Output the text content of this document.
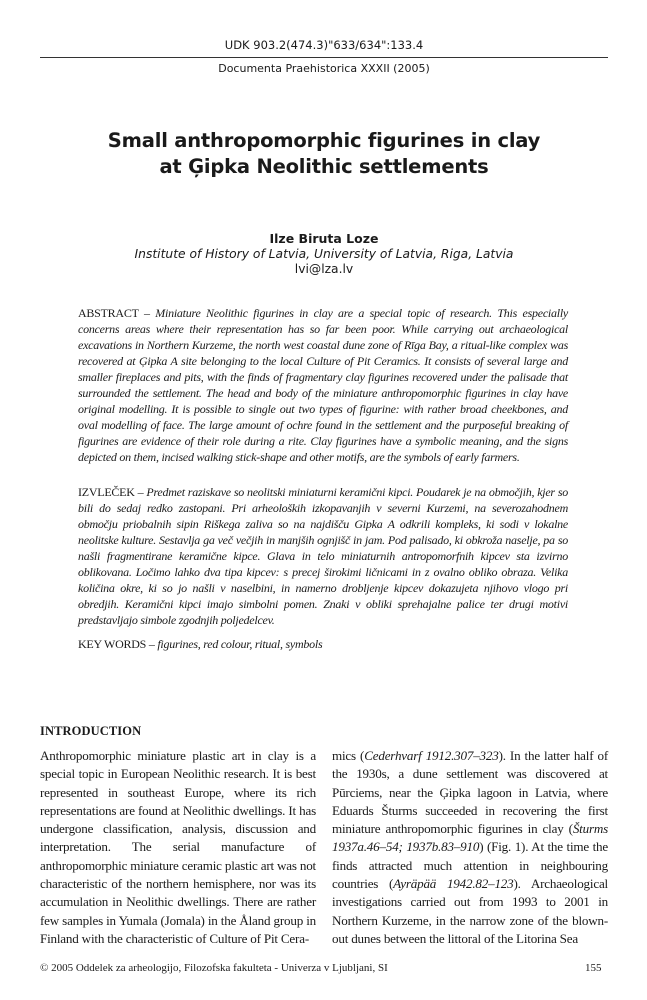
UDK 903.2(474.3)"633/634":133.4
Documenta Praehistorica XXXII (2005)
Small anthropomorphic figurines in clay
at Ģipka Neolithic settlements
Ilze Biruta Loze
Institute of History of Latvia, University of Latvia, Riga, Latvia
lvi@lza.lv
ABSTRACT – Miniature Neolithic figurines in clay are a special topic of research. This especially concerns areas where their representation has so far been poor. While carrying out archaeological excavations in Northern Kurzeme, the north west coastal dune zone of Rīga Bay, a ritual-like complex was recovered at Ģipka A site belonging to the local Culture of Pit Ceramics. It consists of several large and smaller fireplaces and pits, with the finds of fragmentary clay figurines recovered under the palisade that surrounded the settlement. The head and body of the miniature anthropomorphic figurines in clay have original modelling. It is possible to single out two types of figurine: with rather broad cheekbones, and oval modelling of face. The large amount of ochre found in the settlement and the purposeful breaking of figurines are evidence of their role during a rite. Clay figurines have a symbolic meaning, and the signs depicted on them, incised walking stick-shape and other motifs, are the symbols of early farmers.
IZVLEČEK – Predmet raziskave so neolitski miniaturni keramični kipci. Poudarek je na območjih, kjer so bili do sedaj redko zastopani. Pri arheoloških izkopavanjih v severni Kurzemi, na severozahodnem območju priobalnih sipin Riškega zaliva so na najdišču Gipka A odkrili kompleks, ki sodi v lokalne neolitske kulture. Sestavlja ga več večjih in manjših ognjišč in jam. Pod palisado, ki obkroža naselje, pa so našli fragmentirane keramične kipce. Glava in telo miniaturnih antropomorfnih kipcev sta izvirno oblikovana. Ločimo lahko dva tipa kipcev: s precej širokimi ličnicami in z ovalno obliko obraza. Velika količina okre, ki so jo našli v naselbini, in namerno drobljenje kipcev dokazujeta njihovo vlogo pri obredjih. Keramični kipci imajo simbolni pomen. Znaki v obliki sprehajalne palice ter drugi motivi predstavljajo simbole zgodnjih poljedelcev.
KEY WORDS – figurines, red colour, ritual, symbols
INTRODUCTION
Anthropomorphic miniature plastic art in clay is a special topic in European Neolithic research. It is best represented in southeast Europe, where its rich representations are found at Neolithic dwellings. It has undergone classification, analysis, discussion and interpretation. The serial manufacture of anthropomorphic miniature ceramic plastic art was not characteristic of the northern hemisphere, nor was its accumulation in Neolithic dwellings. There are rather few samples in Yumala (Jomala) in the Åland group in Finland with the characteristic of Culture of Pit Cera-
mics (Cederhvarf 1912.307–323). In the latter half of the 1930s, a dune settlement was discovered at Pūrciems, near the Ģipka lagoon in Latvia, where Eduards Šturms succeeded in recovering the first miniature anthropomorphic figurines in clay (Šturms 1937a.46–54; 1937b.83–910) (Fig. 1). At the time the finds attracted much attention in neighbouring countries (Ayräpää 1942.82–123). Archaeological investigations carried out from 1993 to 2001 in Northern Kurzeme, in the narrow zone of the blown-out dunes between the littoral of the Litorina Sea
© 2005 Oddelek za arheologijo, Filozofska fakulteta - Univerza v Ljubljani, SI	155
